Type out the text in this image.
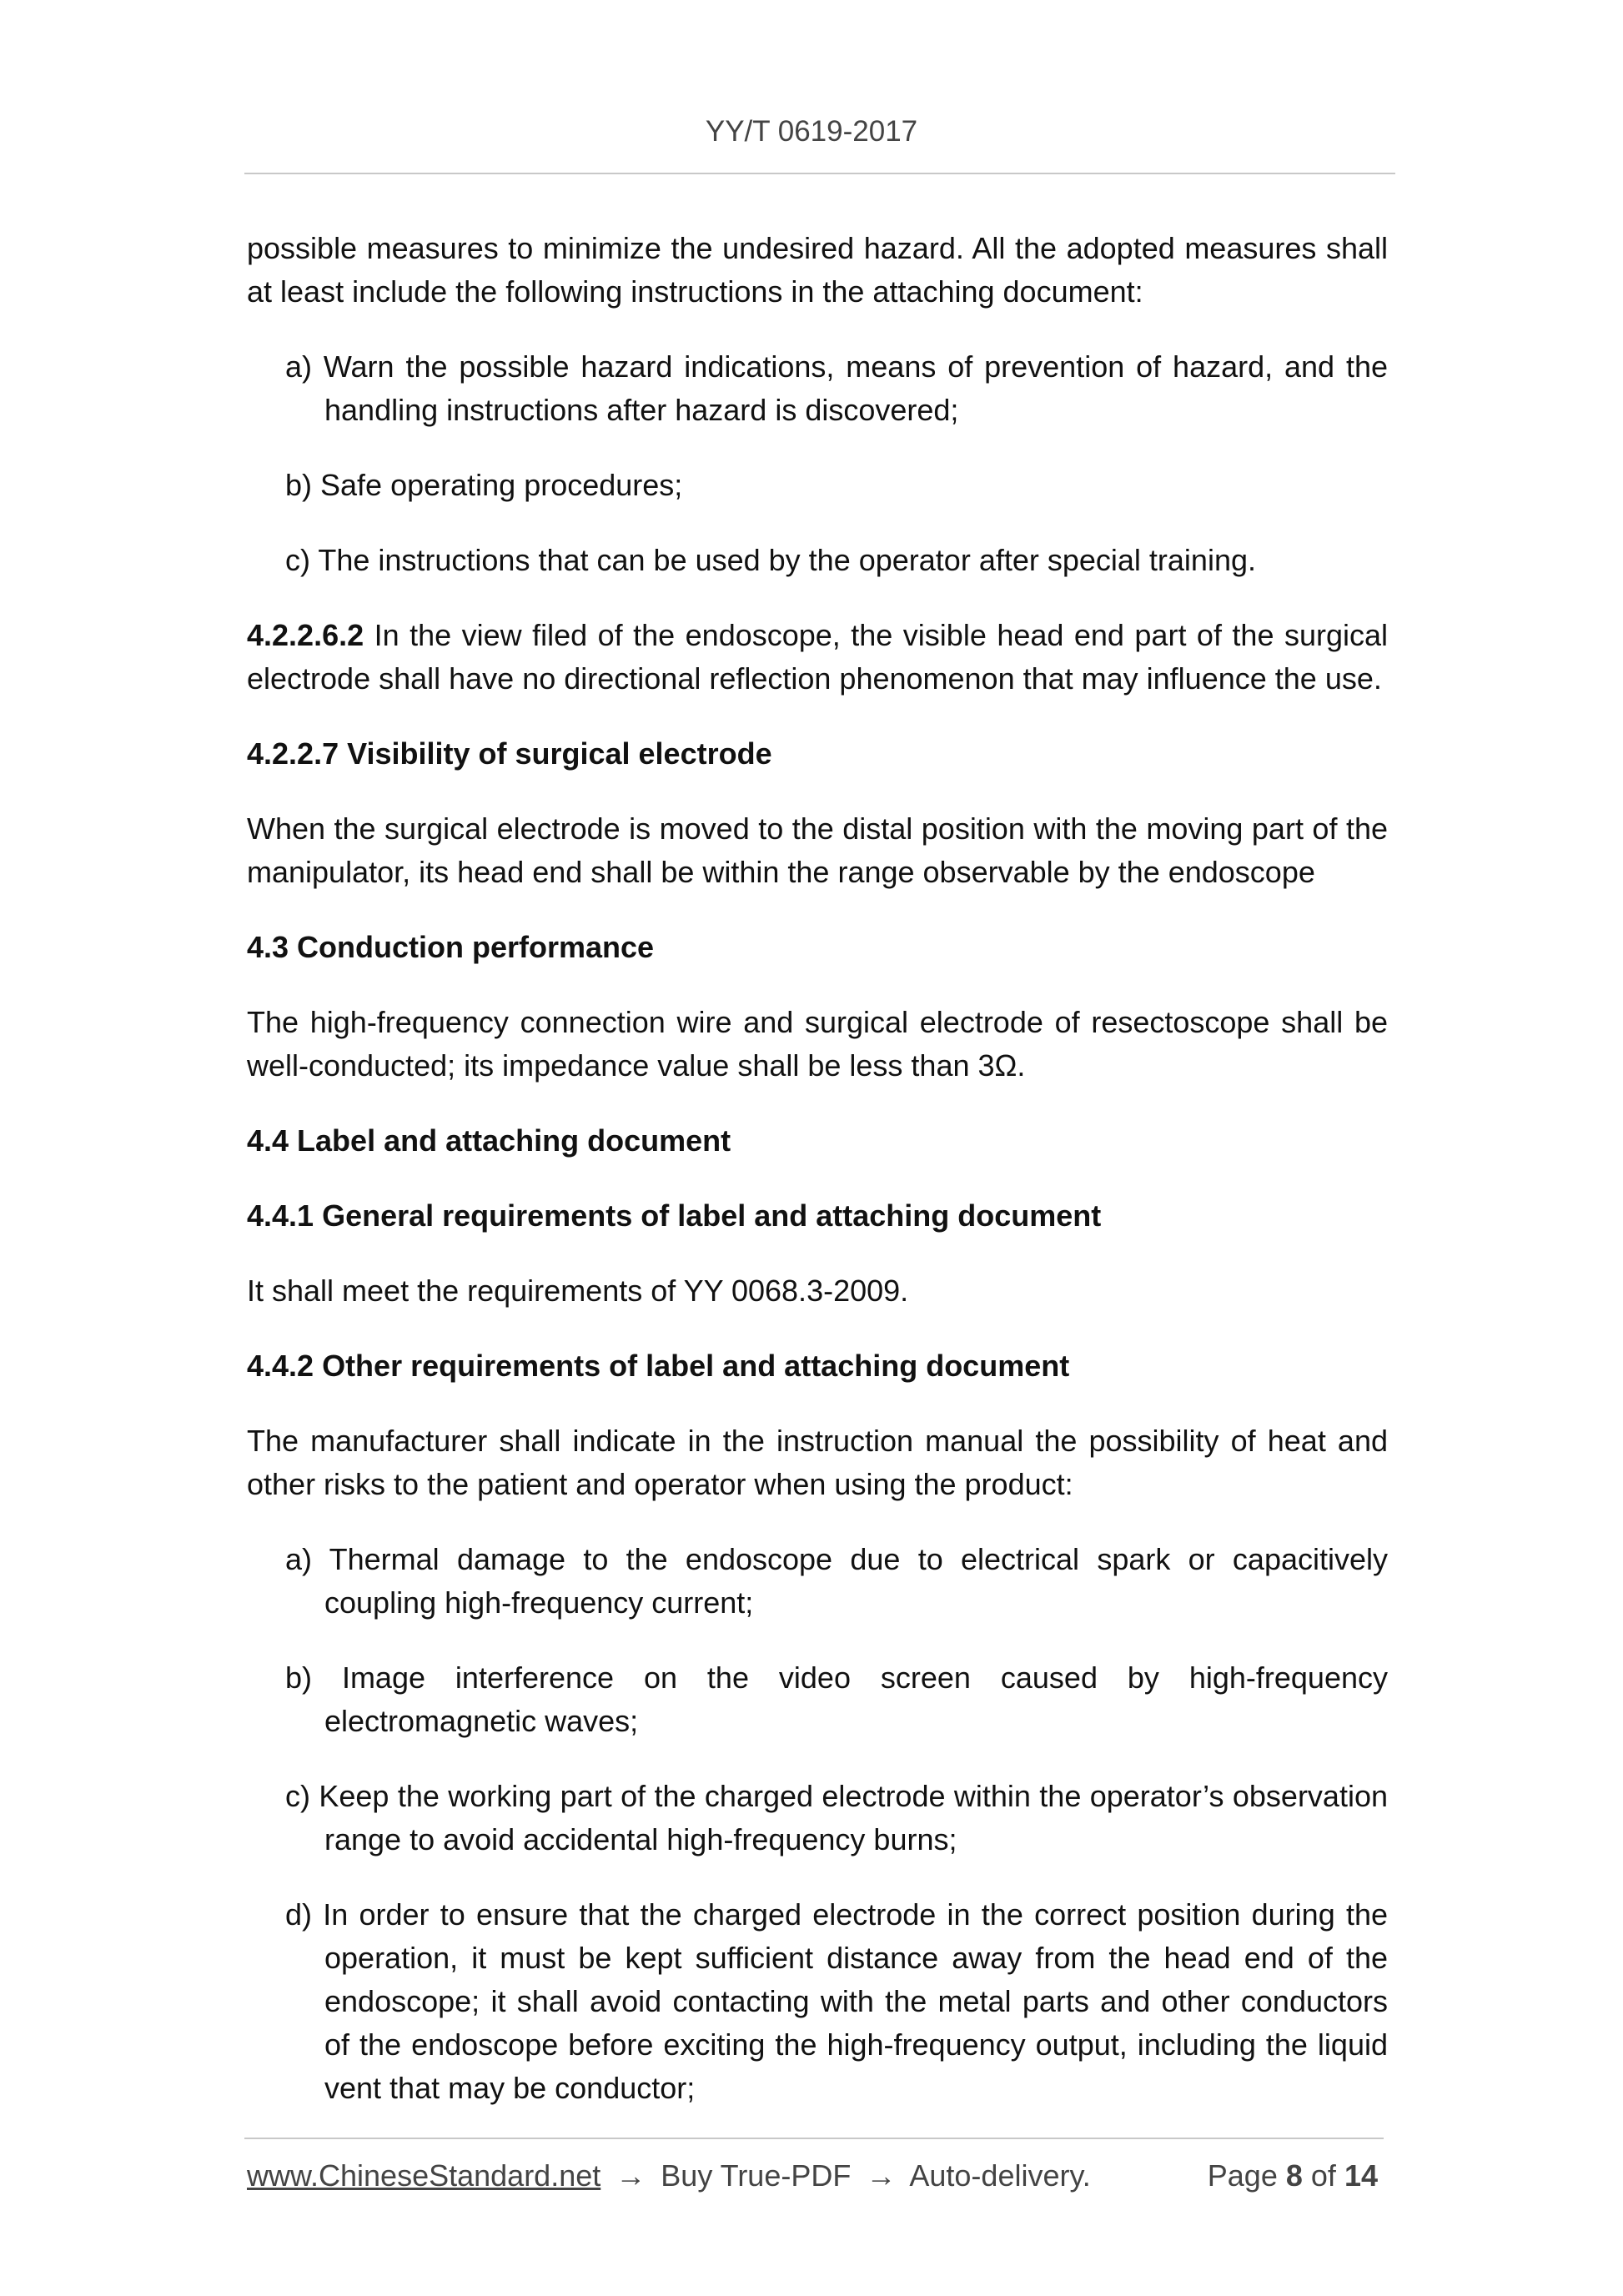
YY/T 0619-2017

possible measures to minimize the undesired hazard. All the adopted measures shall at least include the following instructions in the attaching document:

a) Warn the possible hazard indications, means of prevention of hazard, and the handling instructions after hazard is discovered;
b) Safe operating procedures;
c) The instructions that can be used by the operator after special training.

4.2.2.6.2 In the view filed of the endoscope, the visible head end part of the surgical electrode shall have no directional reflection phenomenon that may influence the use.

4.2.2.7 Visibility of surgical electrode

When the surgical electrode is moved to the distal position with the moving part of the manipulator, its head end shall be within the range observable by the endoscope

4.3 Conduction performance

The high-frequency connection wire and surgical electrode of resectoscope shall be well-conducted; its impedance value shall be less than 3Ω.

4.4 Label and attaching document
4.4.1 General requirements of label and attaching document

It shall meet the requirements of YY 0068.3-2009.

4.4.2 Other requirements of label and attaching document

The manufacturer shall indicate in the instruction manual the possibility of heat and other risks to the patient and operator when using the product:

a) Thermal damage to the endoscope due to electrical spark or capacitively coupling high-frequency current;
b) Image interference on the video screen caused by high-frequency electromagnetic waves;
c) Keep the working part of the charged electrode within the operator’s observation range to avoid accidental high-frequency burns;
d) In order to ensure that the charged electrode in the correct position during the operation, it must be kept sufficient distance away from the head end of the endoscope; it shall avoid contacting with the metal parts and other conductors of the endoscope before exciting the high-frequency output, including the liquid vent that may be conductor;
www.ChineseStandard.net → Buy True-PDF → Auto-delivery.	Page 8 of 14
